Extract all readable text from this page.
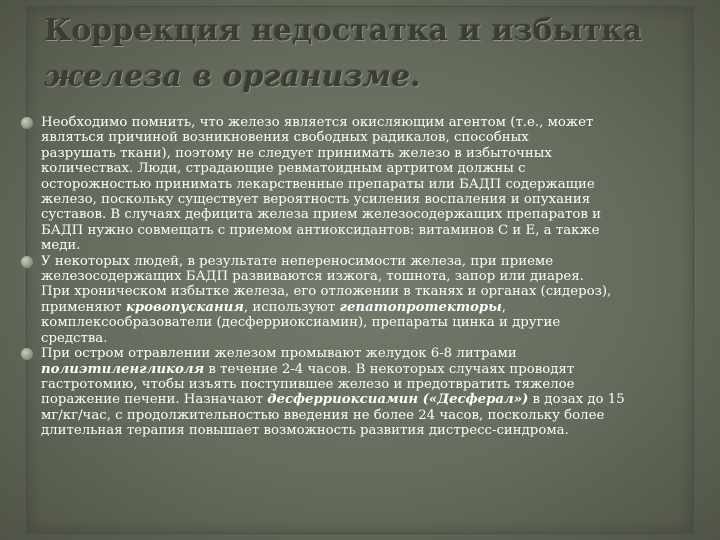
Коррекция недостатка и избытка
железа в организме.
Необходимо помнить, что железо является окисляющим агентом (т.е., может
являться причиной возникновения свободных радикалов, способных
разрушать ткани), поэтому не следует принимать железо в избыточных
количествах. Люди, страдающие ревматоидным артритом должны с
осторожностью принимать лекарственные препараты или БАДП содержащие
железо, поскольку существует вероятность усиления воспаления и опухания
суставов. В случаях дефицита железа прием железосодержащих препаратов и
БАДП нужно совмещать с приемом антиоксидантов: витаминов С и Е, а также
меди.
У некоторых людей, в результате непереносимости железа, при приеме
железосодержащих БАДП развиваются изжога, тошнота, запор или диарея.
При хроническом избытке железа, его отложении в тканях и органах (сидероз),
применяют кровопускания, используют гепатопротекторы,
комплексообразователи (десферриоксиамин), препараты цинка и другие
средства.
При остром отравлении железом промывают желудок 6-8 литрами
полиэтиленгликоля в течение 2-4 часов. В некоторых случаях проводят
гастротомию, чтобы изъять поступившее железо и предотвратить тяжелое
поражение печени. Назначают десферриоксиамин («Десферал») в дозах до 15
мг/кг/час, с продолжительностью введения не более 24 часов, поскольку более
длительная терапия повышает возможность развития дистресс-синдрома.
